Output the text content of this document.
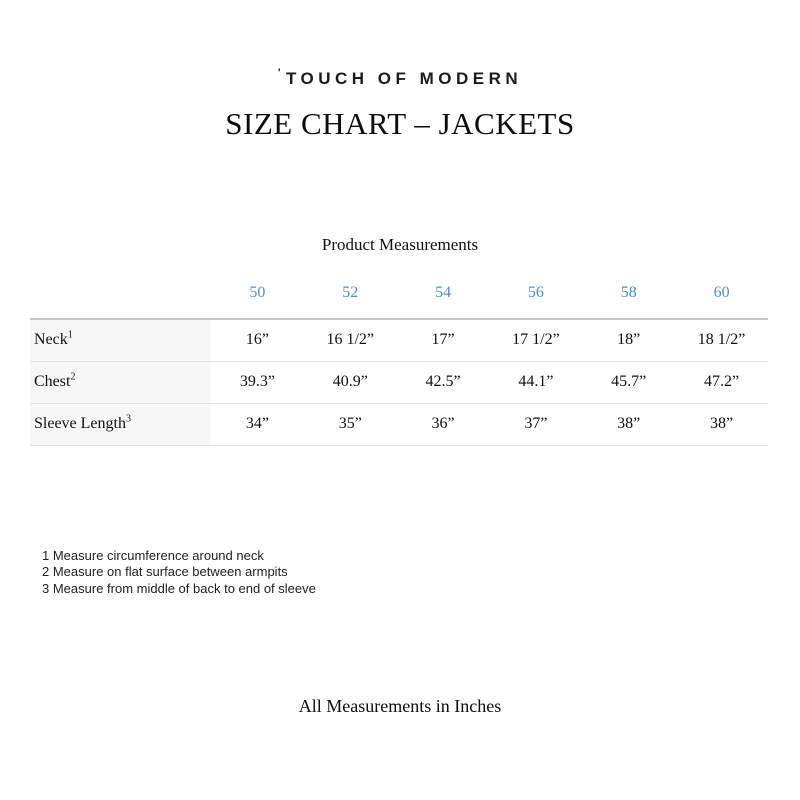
'TOUCH OF MODERN
SIZE CHART – JACKETS
Product Measurements
	50	52	54	56	58	60
Neck$^1$	16”	16 1/2”	17”	17 1/2”	18”	18 1/2”
Chest$^2$	39.3”	40.9”	42.5”	44.1”	45.7”	47.2”
Sleeve Length$^3$	34”	35”	36”	37”	38”	38”
1 Measure circumference around neck
2 Measure on flat surface between armpits
3 Measure from middle of back to end of sleeve
All Measurements in Inches
